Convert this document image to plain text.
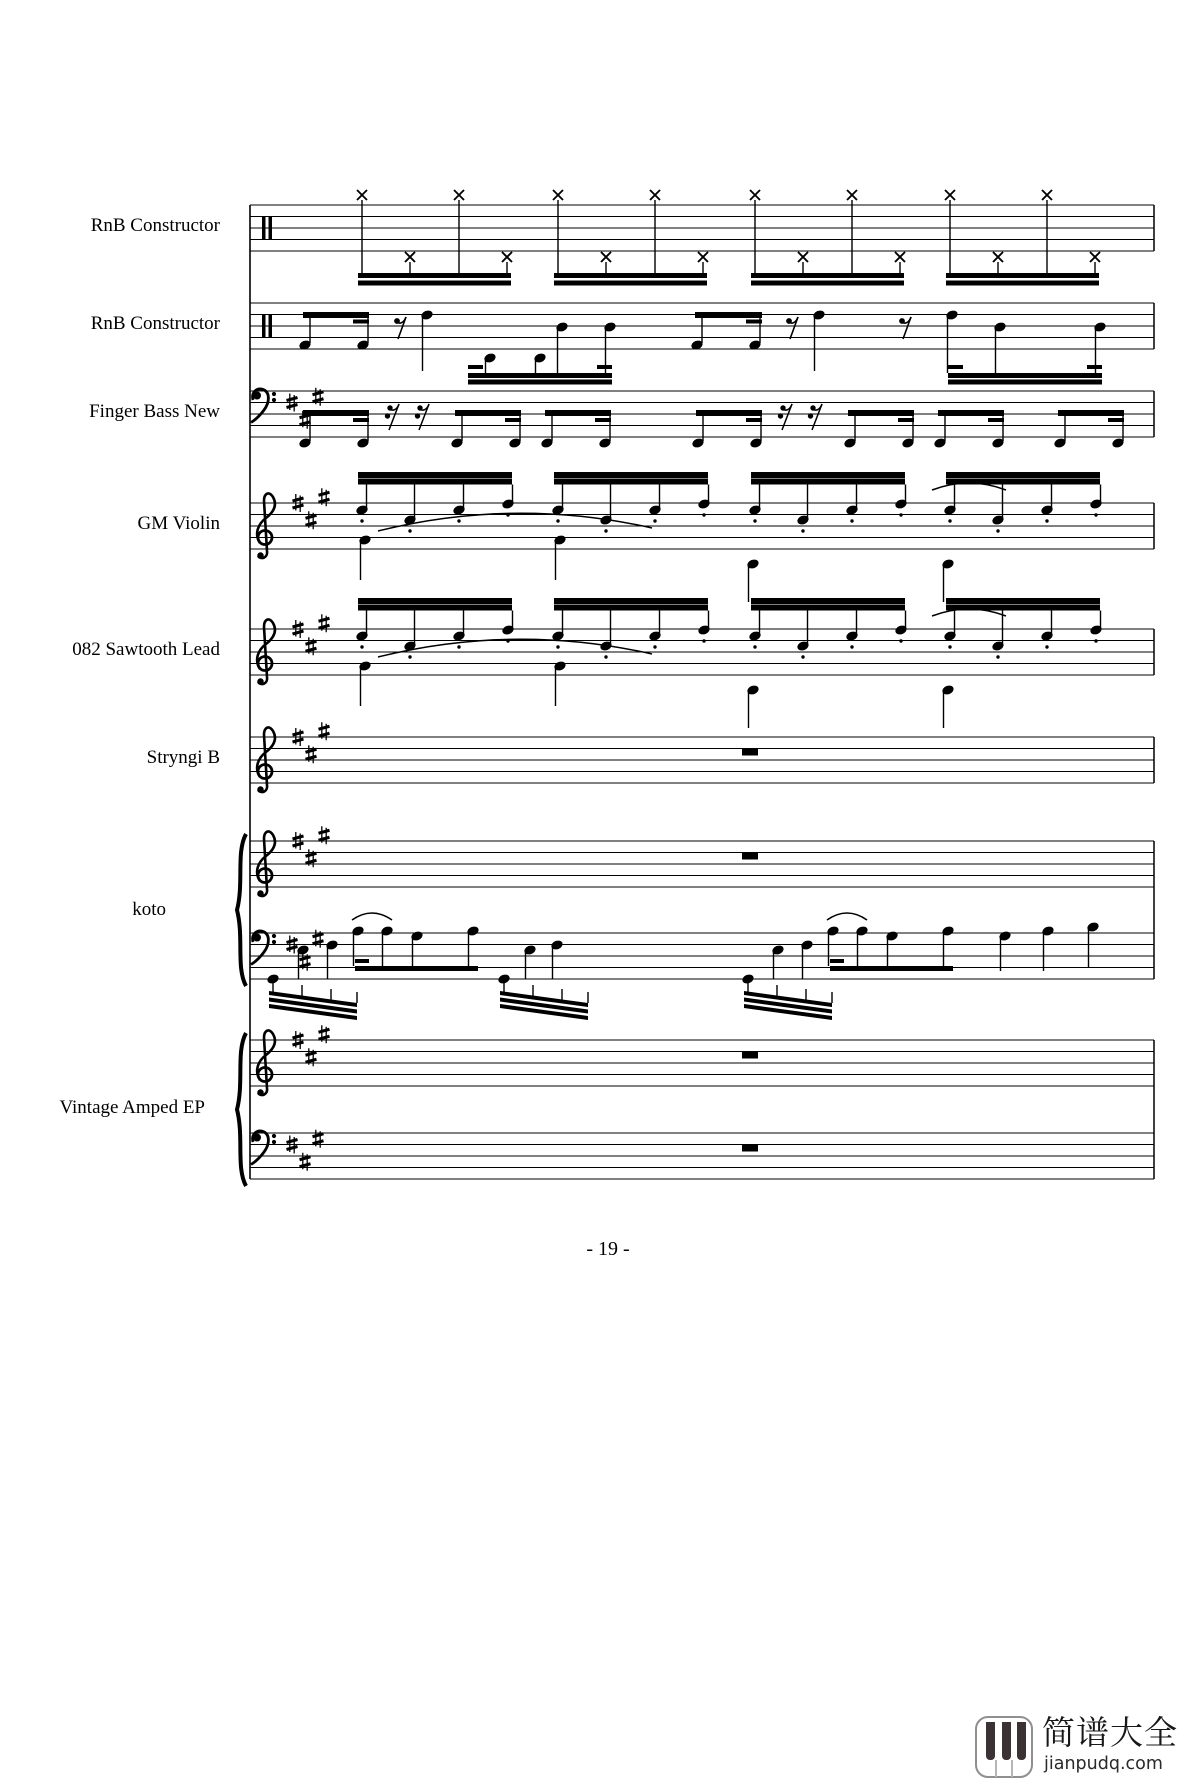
RnB Constructor
RnB Constructor
Finger Bass New
GM Violin
082 Sawtooth Lead
Stryngi B
koto
Vintage Amped EP
- 19 -
简谱大全
jianpudq.com
